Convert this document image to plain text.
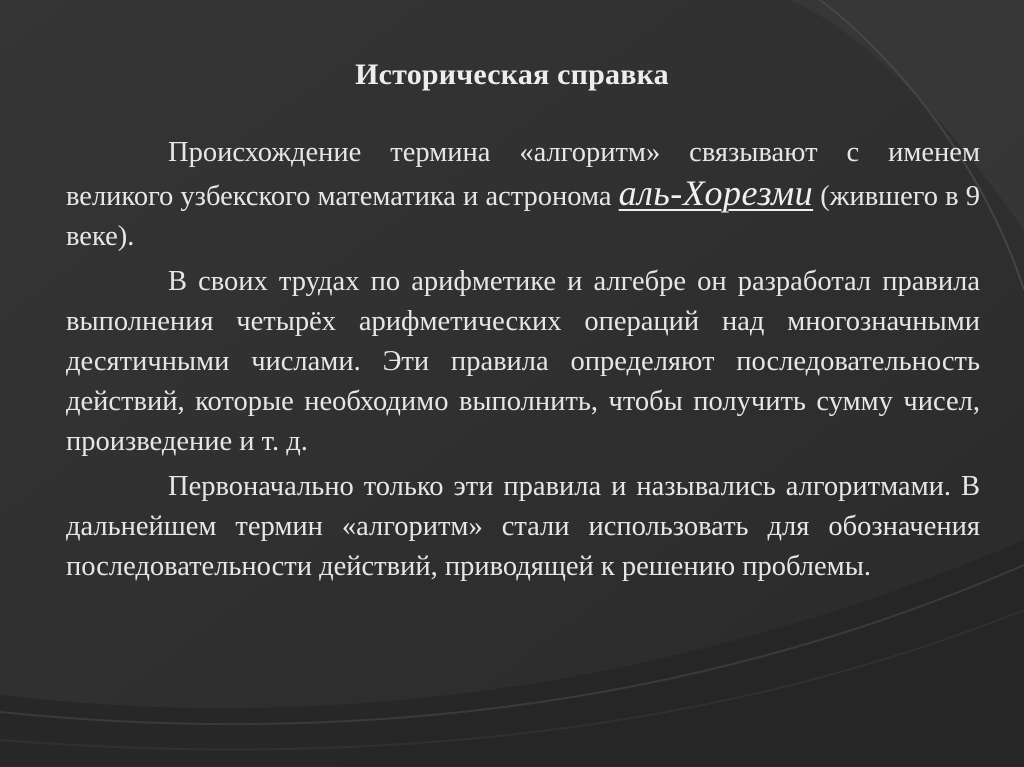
Историческая справка

Происхождение термина «алгоритм» связывают с именем великого узбекского математика и астронома аль-Хорезми (жившего в 9 веке).

В своих трудах по арифметике и алгебре он разработал правила выполнения четырёх арифметических операций над многозначными десятичными числами. Эти правила определяют последовательность действий, которые необходимо выполнить, чтобы получить сумму чисел, произведение и т. д.

Первоначально только эти правила и назывались алгоритмами. В дальнейшем термин «алгоритм» стали использовать для обозначения последовательности действий, приводящей к решению проблемы.
